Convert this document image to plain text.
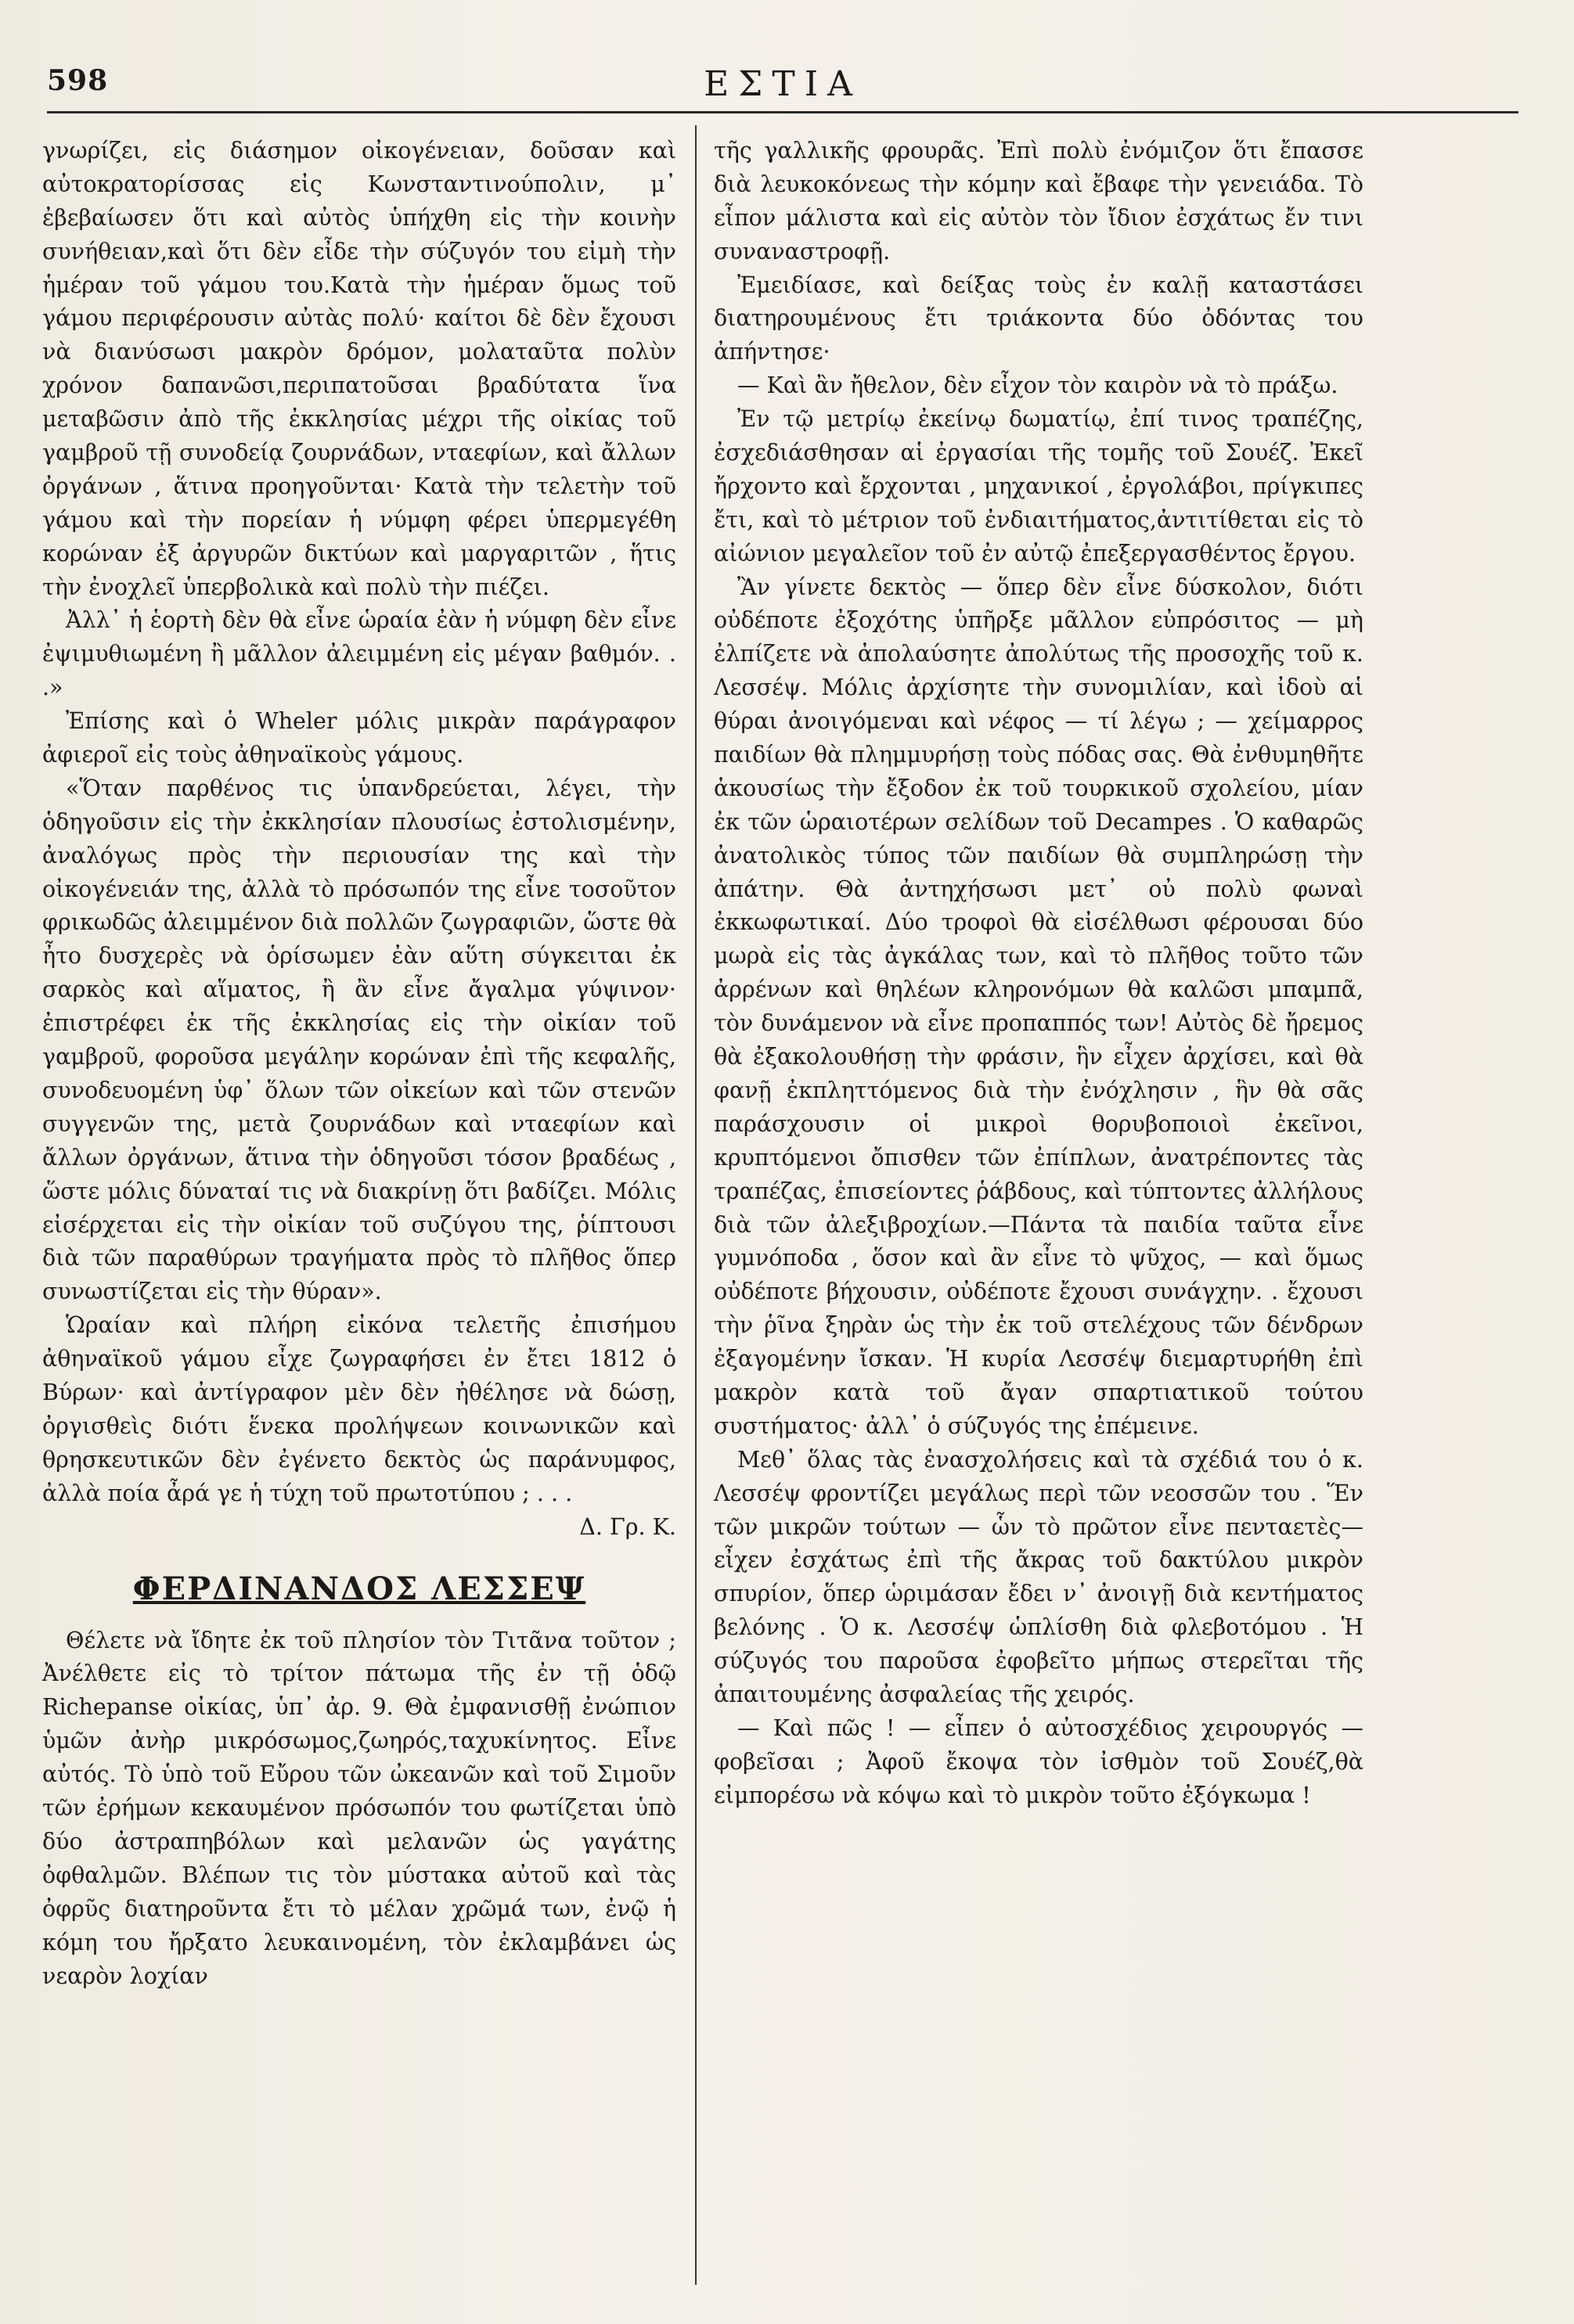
598	ΕΣΤΙΑ

γνωρίζει, εἰς διάσημον οἰκογένειαν, δοῦσαν καὶ αὐτοκρατορίσσας εἰς Κωνσταντινούπολιν, μ᾽ ἐβεβαίωσεν ὅτι καὶ αὐτὸς ὑπήχθη εἰς τὴν κοινὴν συνήθειαν,καὶ ὅτι δὲν εἶδε τὴν σύζυγόν του εἰμὴ τὴν ἡμέραν τοῦ γάμου του.Κατὰ τὴν ἡμέραν ὅμως τοῦ γάμου περιφέρουσιν αὐτὰς πολύ· καίτοι δὲ δὲν ἔχουσι νὰ διανύσωσι μακρὸν δρόμον, μολαταῦτα πολὺν χρόνον δαπανῶσι,περιπατοῦσαι βραδύτατα ἵνα μεταβῶσιν ἀπὸ τῆς ἐκκλησίας μέχρι τῆς οἰκίας τοῦ γαμβροῦ τῇ συνοδείᾳ ζουρνάδων, νταεφίων, καὶ ἄλλων ὀργάνων , ἅτινα προηγοῦνται· Κατὰ τὴν τελετὴν τοῦ γάμου καὶ τὴν πορείαν ἡ νύμφη φέρει ὑπερμεγέθη κορώναν ἐξ ἀργυρῶν δικτύων καὶ μαργαριτῶν , ἥτις τὴν ἐνοχλεῖ ὑπερβολικὰ καὶ πολὺ τὴν πιέζει.

Ἀλλ᾽ ἡ ἑορτὴ δὲν θὰ εἶνε ὡραία ἐὰν ἡ νύμφη δὲν εἶνε ἐψιμυθιωμένη ἢ μᾶλλον ἀλειμμένη εἰς μέγαν βαθμόν. . .»

Ἐπίσης καὶ ὁ Wheler μόλις μικρὰν παράγραφον ἀφιεροῖ εἰς τοὺς ἀθηναϊκοὺς γάμους.

«Ὅταν παρθένος τις ὑπανδρεύεται, λέγει, τὴν ὁδηγοῦσιν εἰς τὴν ἐκκλησίαν πλουσίως ἐστολισμένην, ἀναλόγως πρὸς τὴν περιουσίαν της καὶ τὴν οἰκογένειάν της, ἀλλὰ τὸ πρόσωπόν της εἶνε τοσοῦτον φρικωδῶς ἀλειμμένον διὰ πολλῶν ζωγραφιῶν, ὥστε θὰ ἦτο δυσχερὲς νὰ ὁρίσωμεν ἐὰν αὕτη σύγκειται ἐκ σαρκὸς καὶ αἵματος, ἢ ἂν εἶνε ἄγαλμα γύψινον· ἐπιστρέφει ἐκ τῆς ἐκκλησίας εἰς τὴν οἰκίαν τοῦ γαμβροῦ, φοροῦσα μεγάλην κορώναν ἐπὶ τῆς κεφαλῆς, συνοδευομένη ὑφ᾽ ὅλων τῶν οἰκείων καὶ τῶν στενῶν συγγενῶν της, μετὰ ζουρνάδων καὶ νταεφίων καὶ ἄλλων ὀργάνων, ἅτινα τὴν ὁδηγοῦσι τόσον βραδέως , ὥστε μόλις δύναταί τις νὰ διακρίνῃ ὅτι βαδίζει. Μόλις εἰσέρχεται εἰς τὴν οἰκίαν τοῦ συζύγου της, ῥίπτουσι διὰ τῶν παραθύρων τραγήματα πρὸς τὸ πλῆθος ὅπερ συνωστίζεται εἰς τὴν θύραν».

Ὡραίαν καὶ πλήρη εἰκόνα τελετῆς ἐπισήμου ἀθηναϊκοῦ γάμου εἶχε ζωγραφήσει ἐν ἔτει 1812 ὁ Βύρων· καὶ ἀντίγραφον μὲν δὲν ἠθέλησε νὰ δώσῃ, ὀργισθεὶς διότι ἕνεκα προλήψεων κοινωνικῶν καὶ θρησκευτικῶν δὲν ἐγένετο δεκτὸς ὡς παράνυμφος, ἀλλὰ ποία ἆρά γε ἡ τύχη τοῦ πρωτοτύπου ; . . .

Δ. Γρ. Κ.

ΦΕΡΔΙΝΑΝΔΟΣ ΛΕΣΣΕΨ

Θέλετε νὰ ἴδητε ἐκ τοῦ πλησίον τὸν Τιτᾶνα τοῦτον ; Ἀνέλθετε εἰς τὸ τρίτον πάτωμα τῆς ἐν τῇ ὁδῷ Richepanse οἰκίας, ὑπ᾽ ἀρ. 9. Θὰ ἐμφανισθῇ ἐνώπιον ὑμῶν ἀνὴρ μικρόσωμος,ζωηρός,ταχυκίνητος. Εἶνε αὐτός. Τὸ ὑπὸ τοῦ Εὔρου τῶν ὠκεανῶν καὶ τοῦ Σιμοῦν τῶν ἐρήμων κεκαυμένον πρόσωπόν του φωτίζεται ὑπὸ δύο ἀστραπηβόλων καὶ μελανῶν ὡς γαγάτης ὀφθαλμῶν. Βλέπων τις τὸν μύστακα αὐτοῦ καὶ τὰς ὀφρῦς διατηροῦντα ἔτι τὸ μέλαν χρῶμά των, ἐνῷ ἡ κόμη του ἤρξατο λευκαινομένη, τὸν ἐκλαμβάνει ὡς νεαρὸν λοχίαν

τῆς γαλλικῆς φρουρᾶς. Ἐπὶ πολὺ ἐνόμιζον ὅτι ἔπασσε διὰ λευκοκόνεως τὴν κόμην καὶ ἔβαφε τὴν γενειάδα. Τὸ εἶπον μάλιστα καὶ εἰς αὐτὸν τὸν ἴδιον ἐσχάτως ἔν τινι συναναστροφῇ.

Ἐμειδίασε, καὶ δείξας τοὺς ἐν καλῇ καταστάσει διατηρουμένους ἔτι τριάκοντα δύο ὀδόντας του ἀπήντησε·

— Καὶ ἂν ἤθελον, δὲν εἶχον τὸν καιρὸν νὰ τὸ πράξω.

Ἐν τῷ μετρίῳ ἐκείνῳ δωματίῳ, ἐπί τινος τραπέζης, ἐσχεδιάσθησαν αἱ ἐργασίαι τῆς τομῆς τοῦ Σουέζ. Ἐκεῖ ἤρχοντο καὶ ἔρχονται , μηχανικοί , ἐργολάβοι, πρίγκιπες ἔτι, καὶ τὸ μέτριον τοῦ ἐνδιαιτήματος,ἀντιτίθεται εἰς τὸ αἰώνιον μεγαλεῖον τοῦ ἐν αὐτῷ ἐπεξεργασθέντος ἔργου.

Ἂν γίνετε δεκτὸς — ὅπερ δὲν εἶνε δύσκολον, διότι οὐδέποτε ἐξοχότης ὑπῆρξε μᾶλλον εὐπρόσιτος — μὴ ἐλπίζετε νὰ ἀπολαύσητε ἀπολύτως τῆς προσοχῆς τοῦ κ. Λεσσέψ. Μόλις ἀρχίσητε τὴν συνομιλίαν, καὶ ἰδοὺ αἱ θύραι ἀνοιγόμεναι καὶ νέφος — τί λέγω ; — χείμαρρος παιδίων θὰ πλημμυρήσῃ τοὺς πόδας σας. Θὰ ἐνθυμηθῆτε ἀκουσίως τὴν ἔξοδον ἐκ τοῦ τουρκικοῦ σχολείου, μίαν ἐκ τῶν ὡραιοτέρων σελίδων τοῦ Decampes . Ὁ καθαρῶς ἀνατολικὸς τύπος τῶν παιδίων θὰ συμπληρώσῃ τὴν ἀπάτην. Θὰ ἀντηχήσωσι μετ᾽ οὐ πολὺ φωναὶ ἐκκωφωτικαί. Δύο τροφοὶ θὰ εἰσέλθωσι φέρουσαι δύο μωρὰ εἰς τὰς ἀγκάλας των, καὶ τὸ πλῆθος τοῦτο τῶν ἀρρένων καὶ θηλέων κληρονόμων θὰ καλῶσι μπαμπᾶ, τὸν δυνάμενον νὰ εἶνε προπαππός των! Αὐτὸς δὲ ἤρεμος θὰ ἐξακολουθήσῃ τὴν φράσιν, ἣν εἶχεν ἀρχίσει, καὶ θὰ φανῇ ἐκπληττόμενος διὰ τὴν ἐνόχλησιν , ἣν θὰ σᾶς παράσχουσιν οἱ μικροὶ θορυβοποιοὶ ἐκεῖνοι, κρυπτόμενοι ὄπισθεν τῶν ἐπίπλων, ἀνατρέποντες τὰς τραπέζας, ἐπισείοντες ῥάβδους, καὶ τύπτοντες ἀλλήλους διὰ τῶν ἀλεξιβροχίων.—Πάντα τὰ παιδία ταῦτα εἶνε γυμνόποδα , ὅσον καὶ ἂν εἶνε τὸ ψῦχος, — καὶ ὅμως οὐδέποτε βήχουσιν, οὐδέποτε ἔχουσι συνάγχην. . ἔχουσι τὴν ῥῖνα ξηρὰν ὡς τὴν ἐκ τοῦ στελέχους τῶν δένδρων ἐξαγομένην ἴσκαν. Ἡ κυρία Λεσσέψ διεμαρτυρήθη ἐπὶ μακρὸν κατὰ τοῦ ἄγαν σπαρτιατικοῦ τούτου συστήματος· ἀλλ᾽ ὁ σύζυγός της ἐπέμεινε.

Μεθ᾽ ὅλας τὰς ἐνασχολήσεις καὶ τὰ σχέδιά του ὁ κ. Λεσσέψ φροντίζει μεγάλως περὶ τῶν νεοσσῶν του . Ἕν τῶν μικρῶν τούτων — ὧν τὸ πρῶτον εἶνε πενταετὲς—εἶχεν ἐσχάτως ἐπὶ τῆς ἄκρας τοῦ δακτύλου μικρὸν σπυρίον, ὅπερ ὡριμάσαν ἔδει ν᾽ ἀνοιγῇ διὰ κεντήματος βελόνης . Ὁ κ. Λεσσέψ ὡπλίσθη διὰ φλεβοτόμου . Ἡ σύζυγός του παροῦσα ἐφοβεῖτο μήπως στερεῖται τῆς ἀπαιτουμένης ἀσφαλείας τῆς χειρός.

— Καὶ πῶς ! — εἶπεν ὁ αὐτοσχέδιος χειρουργός — φοβεῖσαι ; Ἀφοῦ ἔκοψα τὸν ἰσθμὸν τοῦ Σουέζ,θὰ εἰμπορέσω νὰ κόψω καὶ τὸ μικρὸν τοῦτο ἐξόγκωμα !
